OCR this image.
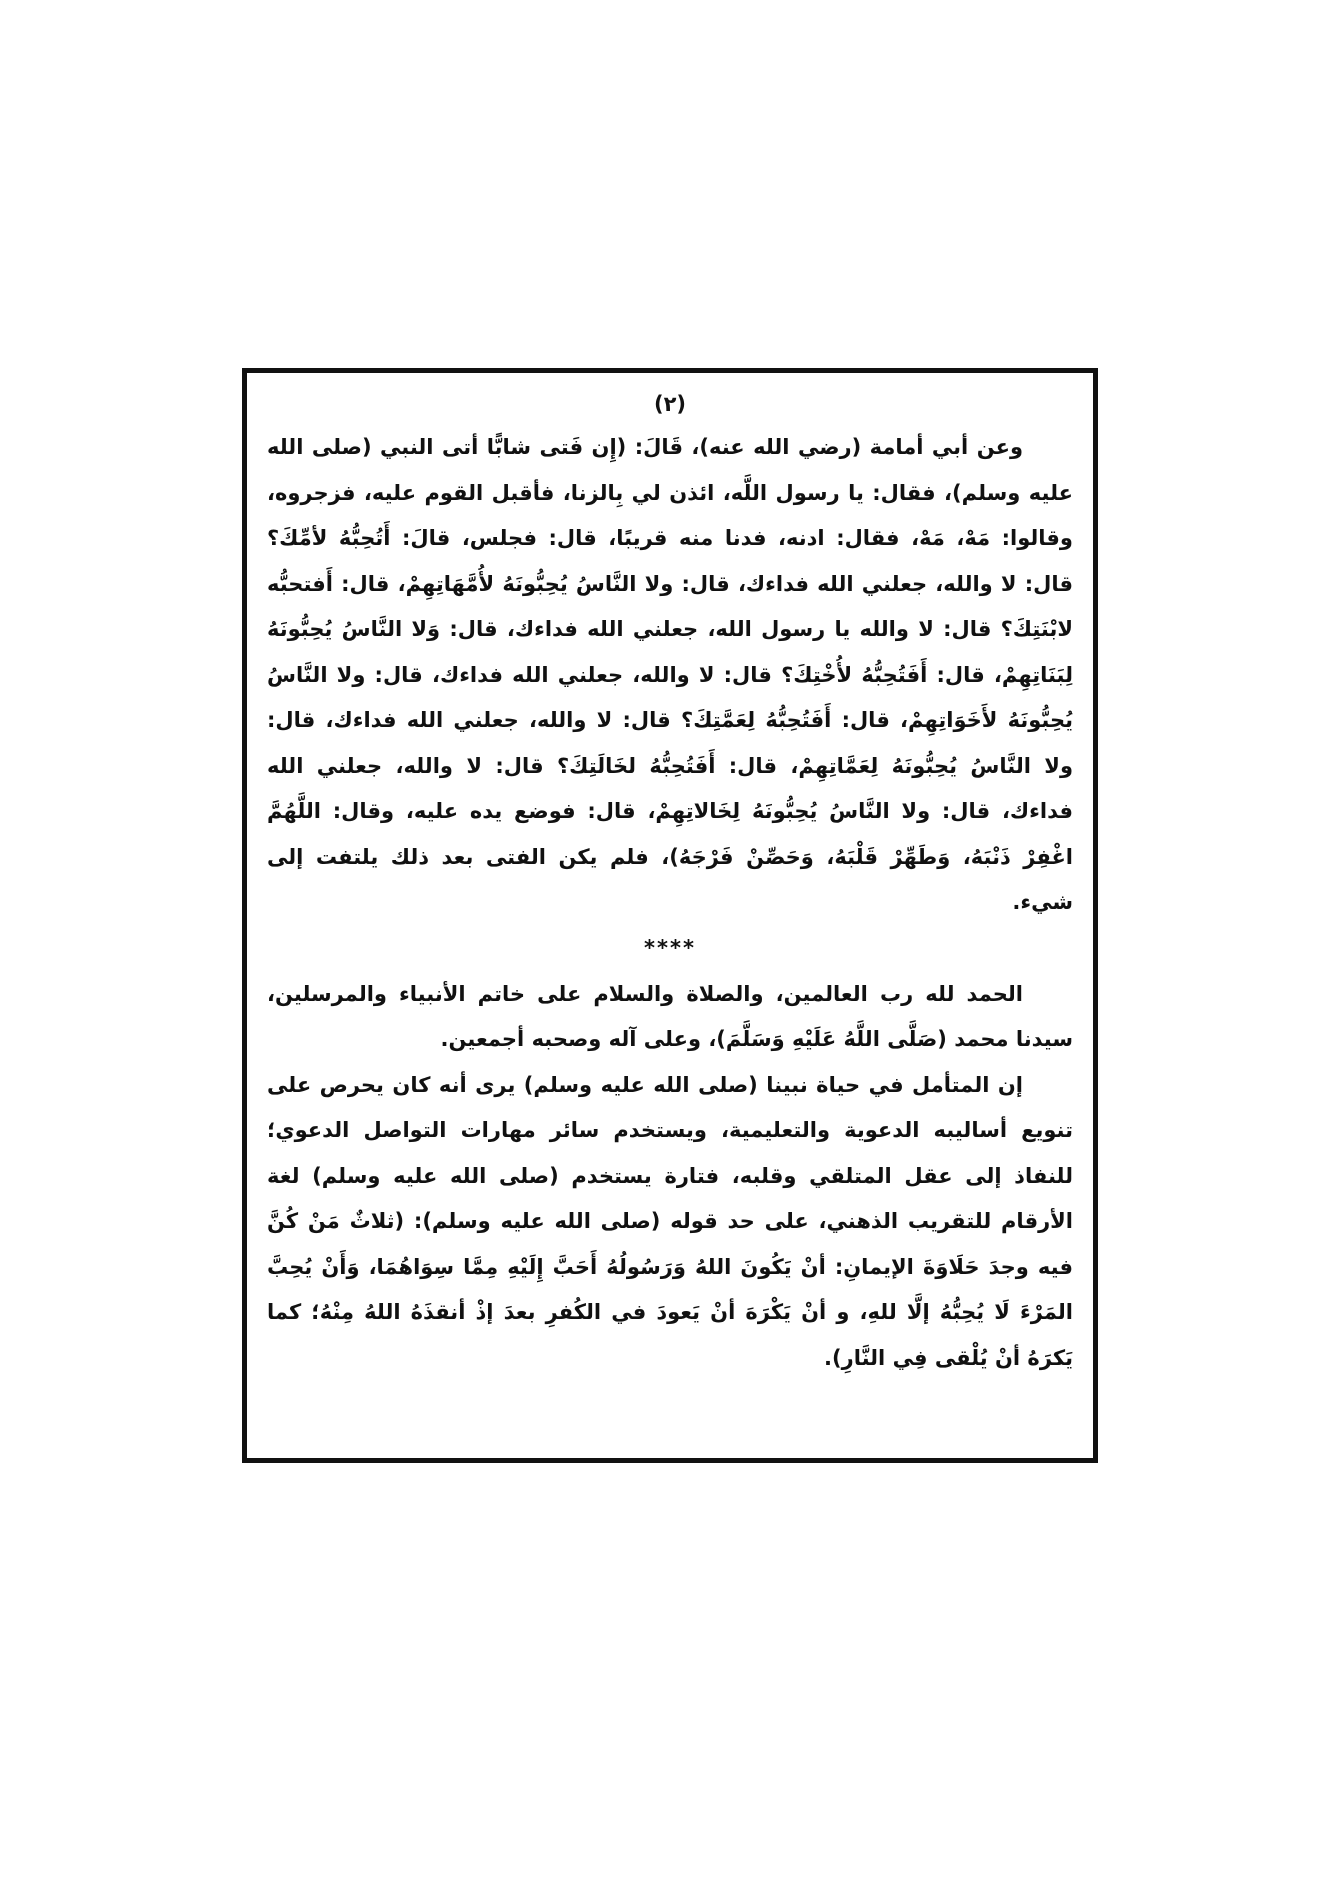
(٢)

وعن أبي أمامة (رضي الله عنه)، قَالَ: (إِن فَتى شابًّا أتى النبي (صلى الله عليه وسلم)، فقال: يا رسول اللَّه، ائذن لي بِالزنا، فأقبل القوم عليه، فزجروه، وقالوا: مَهْ، مَهْ، فقال: ادنه، فدنا منه قريبًا، قال: فجلس، قالَ: أَتُحِبُّهُ لأمِّكَ؟ قال: لا والله، جعلني الله فداءك، قال: ولا النَّاسُ يُحِبُّونَهُ لأُمَّهَاتِهِمْ، قال: أَفتحبُّه لابْنَتِكَ؟ قال: لا والله يا رسول الله، جعلني الله فداءك، قال: وَلا النَّاسُ يُحِبُّونَهُ لِبَنَاتِهِمْ، قال: أَفَتُحِبُّهُ لأُخْتِكَ؟ قال: لا والله، جعلني الله فداءك، قال: ولا النَّاسُ يُحِبُّونَهُ لأَخَوَاتِهِمْ، قال: أَفَتُحِبُّهُ لِعَمَّتِكَ؟ قال: لا والله، جعلني الله فداءك، قال: ولا النَّاسُ يُحِبُّونَهُ لِعَمَّاتِهِمْ، قال: أَفَتُحِبُّهُ لخَالَتِكَ؟ قال: لا والله، جعلني الله فداءك، قال: ولا النَّاسُ يُحِبُّونَهُ لِخَالاتِهِمْ، قال: فوضع يده عليه، وقال: اللَّهُمَّ اغْفِرْ ذَنْبَهُ، وَطَهِّرْ قَلْبَهُ، وَحَصِّنْ فَرْجَهُ)، فلم يكن الفتى بعد ذلك يلتفت إلى شيء.

****

الحمد لله رب العالمين، والصلاة والسلام على خاتم الأنبياء والمرسلين، سيدنا محمد (صَلَّى اللَّهُ عَلَيْهِ وَسَلَّمَ)، وعلى آله وصحبه أجمعين.

إن المتأمل في حياة نبينا (صلى الله عليه وسلم) يرى أنه كان يحرص على تنويع أساليبه الدعوية والتعليمية، ويستخدم سائر مهارات التواصل الدعوي؛ للنفاذ إلى عقل المتلقي وقلبه، فتارة يستخدم (صلى الله عليه وسلم) لغة الأرقام للتقريب الذهني، على حد قوله (صلى الله عليه وسلم): (ثلاثٌ مَنْ كُنَّ فيه وجدَ حَلَاوَةَ الإيمانِ: أنْ يَكُونَ اللهُ وَرَسُولُهُ أَحَبَّ إِلَيْهِ مِمَّا سِوَاهُمَا، وَأَنْ يُحِبَّ المَرْءَ لَا يُحِبُّهُ إلَّا للهِ، و أنْ يَكْرَهَ أنْ يَعودَ في الكُفرِ بعدَ إذْ أنقذَهُ اللهُ مِنْهُ؛ كما يَكرَهُ أنْ يُلْقى فِي النَّارِ).
